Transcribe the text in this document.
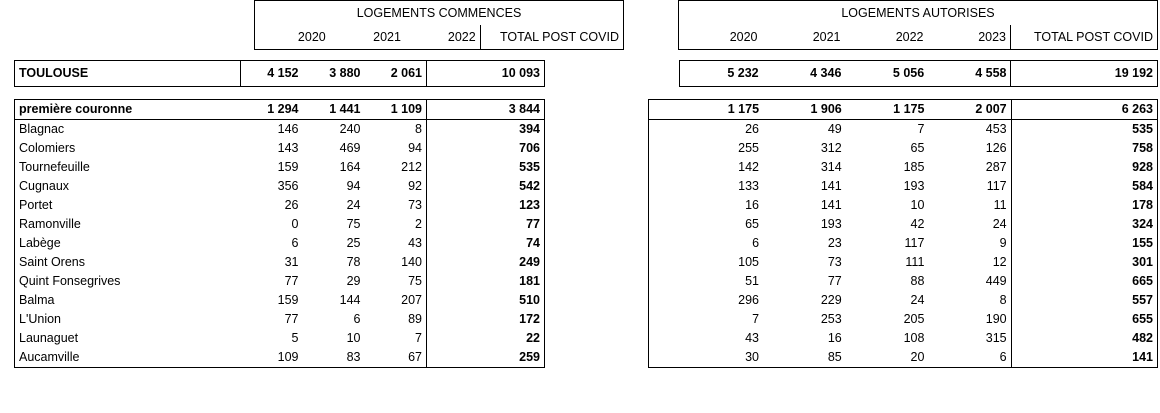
LOGEMENTS COMMENCES
2020	2021	2022	TOTAL POST COVID
TOULOUSE	4 152	3 880	2 061	10 093
première couronne	1 294	1 441	1 109	3 844
Blagnac	146	240	8	394
Colomiers	143	469	94	706
Tournefeuille	159	164	212	535
Cugnaux	356	94	92	542
Portet	26	24	73	123
Ramonville	0	75	2	77
Labège	6	25	43	74
Saint Orens	31	78	140	249
Quint Fonsegrives	77	29	75	181
Balma	159	144	207	510
L'Union	77	6	89	172
Launaguet	5	10	7	22
Aucamville	109	83	67	259
LOGEMENTS AUTORISES
2020	2021	2022	2023	TOTAL POST COVID
	5 232	4 346	5 056	4 558	19 192
	1 175	1 906	1 175	2 007	6 263
	26	49	7	453	535
	255	312	65	126	758
	142	314	185	287	928
	133	141	193	117	584
	16	141	10	11	178
	65	193	42	24	324
	6	23	117	9	155
	105	73	111	12	301
	51	77	88	449	665
	296	229	24	8	557
	7	253	205	190	655
	43	16	108	315	482
	30	85	20	6	141
